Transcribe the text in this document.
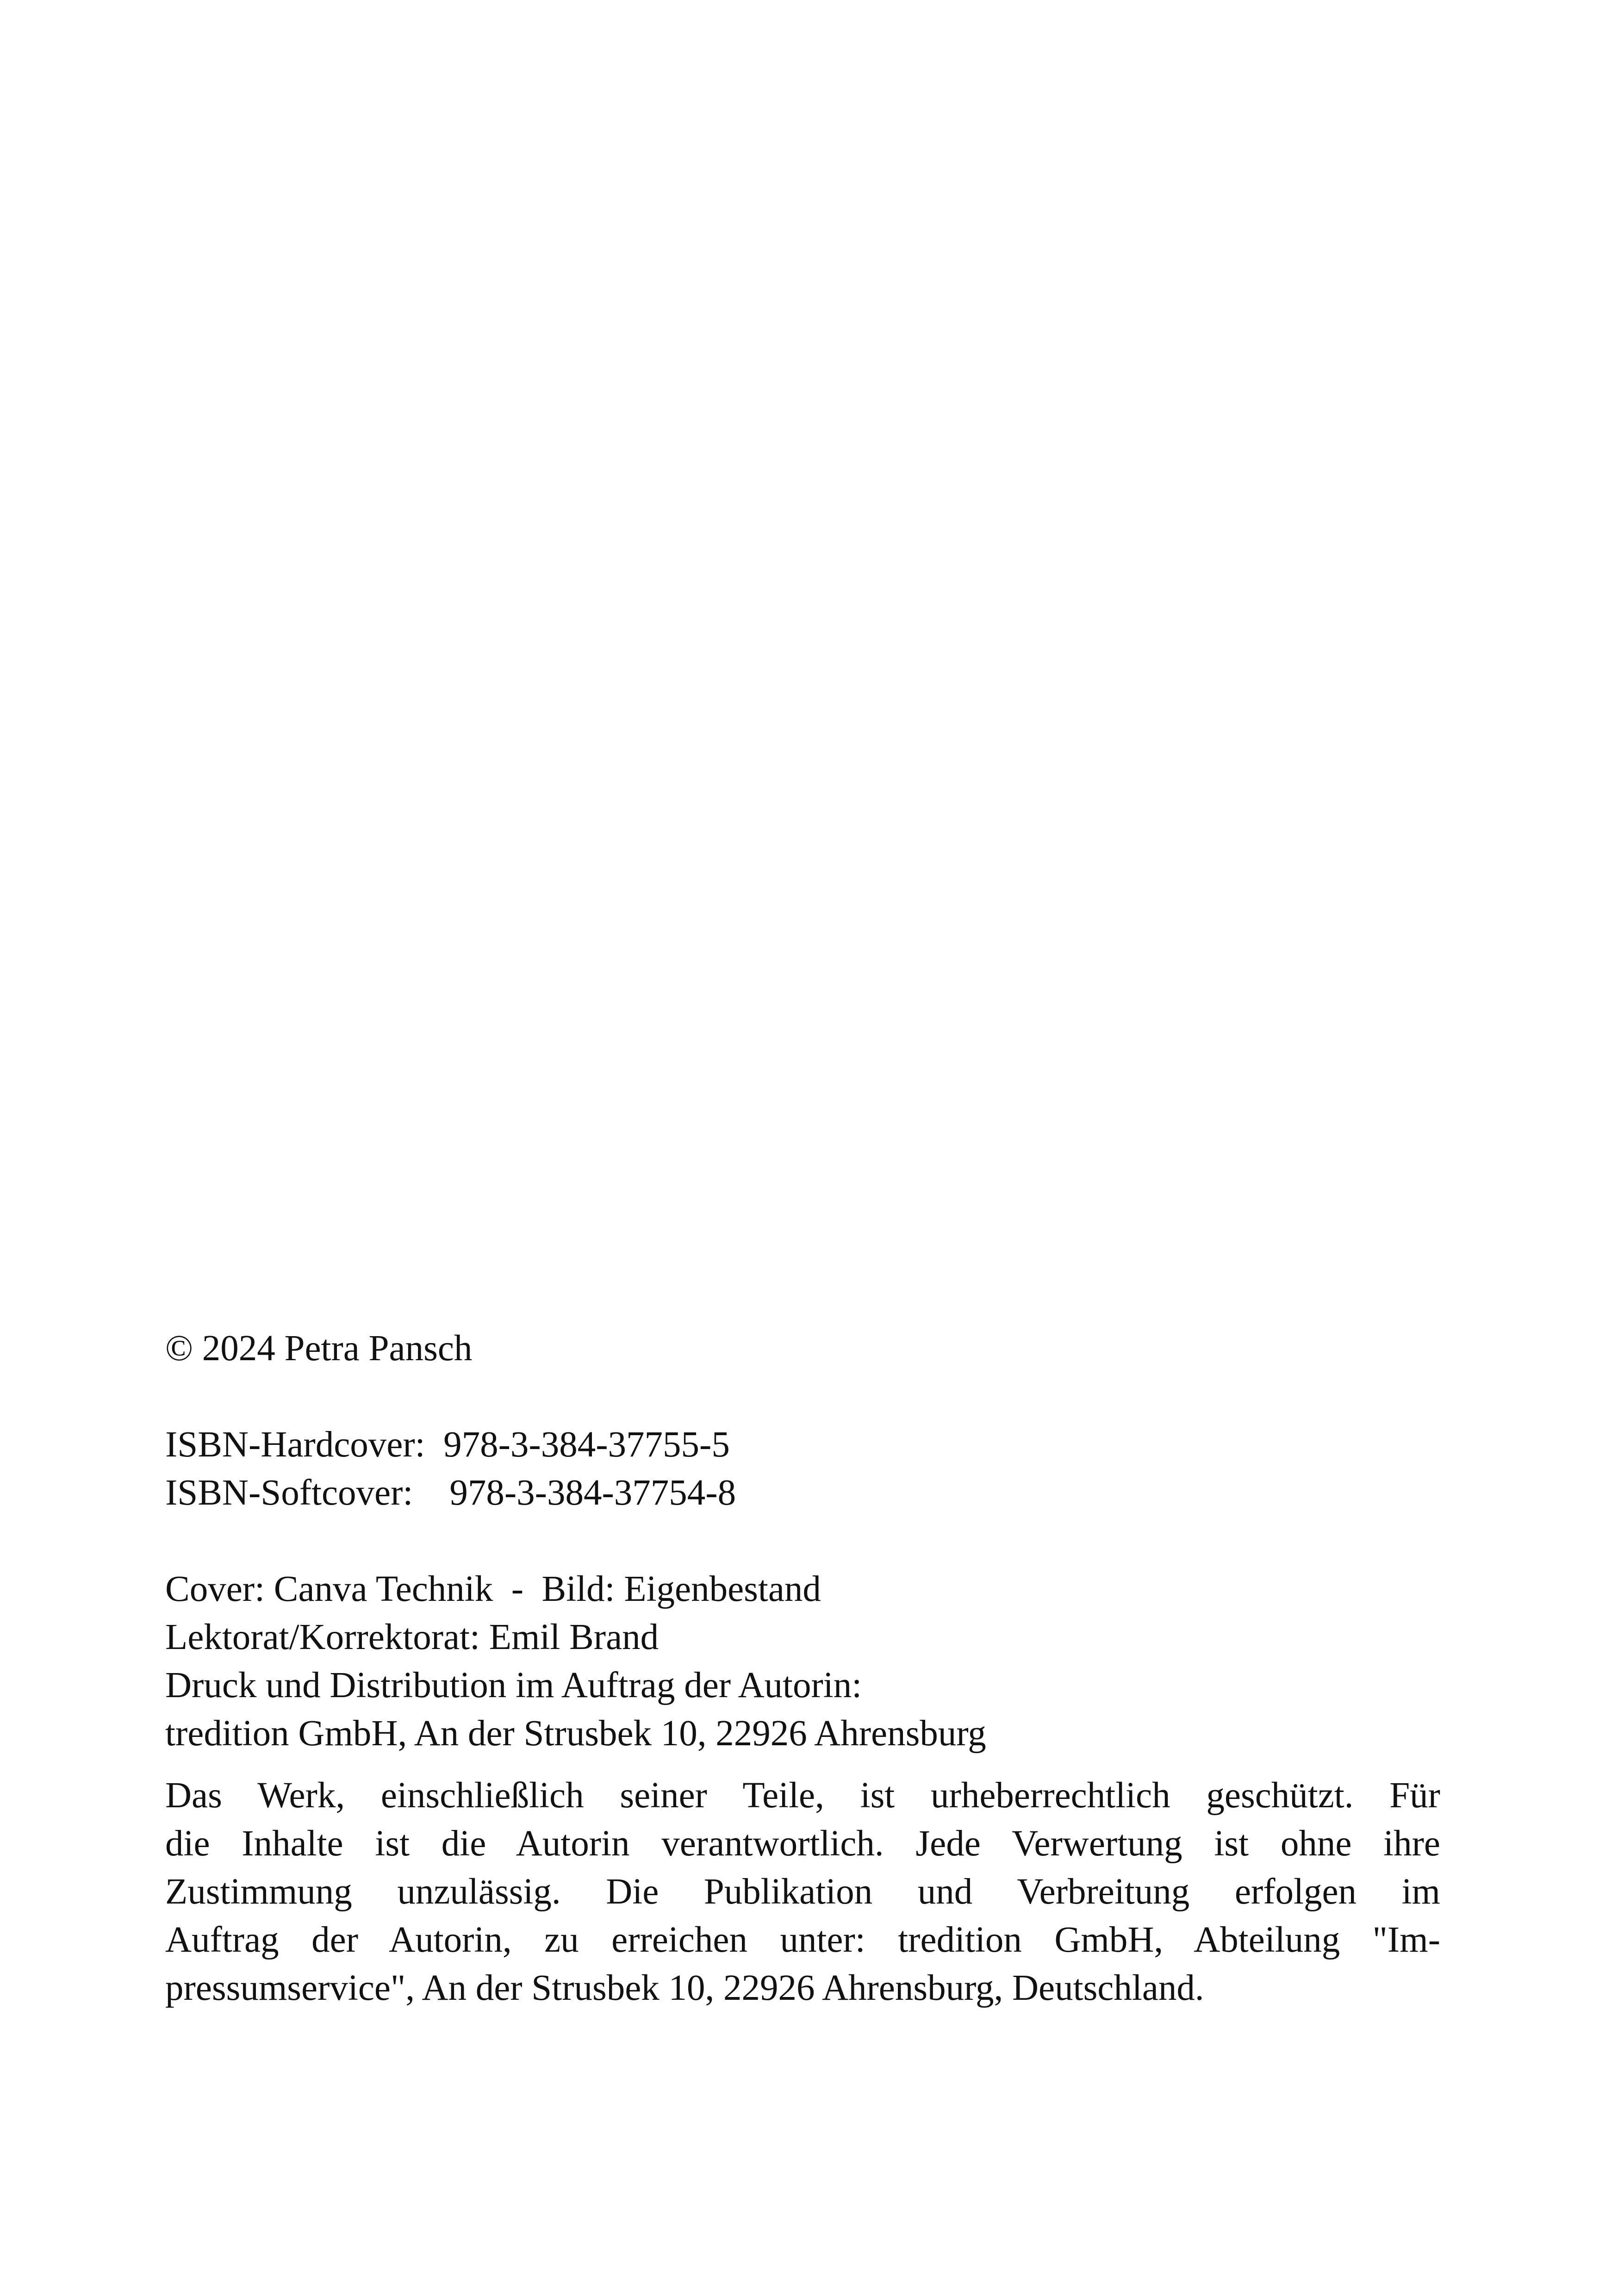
© 2024 Petra Pansch
ISBN-Hardcover:  978-3-384-37755-5
ISBN-Softcover:    978-3-384-37754-8
Cover: Canva Technik  -  Bild: Eigenbestand
Lektorat/Korrektorat: Emil Brand
Druck und Distribution im Auftrag der Autorin:
tredition GmbH, An der Strusbek 10, 22926 Ahrensburg
Das Werk, einschließlich seiner Teile, ist urheberrechtlich geschützt. Für
die Inhalte ist die Autorin verantwortlich. Jede Verwertung ist ohne ihre
Zustimmung unzulässig. Die Publikation und Verbreitung erfolgen im
Auftrag der Autorin, zu erreichen unter: tredition GmbH, Abteilung "Im-
pressumservice", An der Strusbek 10, 22926 Ahrensburg, Deutschland.
